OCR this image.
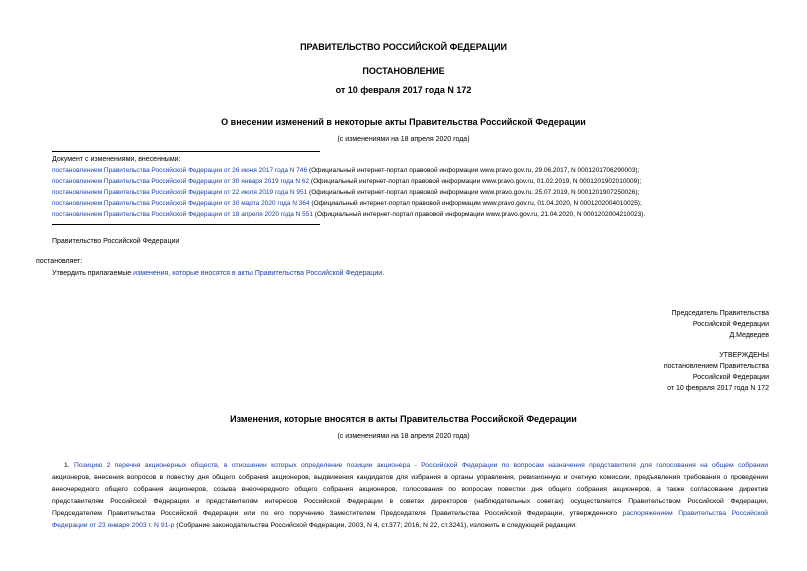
ПРАВИТЕЛЬСТВО РОССИЙСКОЙ ФЕДЕРАЦИИ
ПОСТАНОВЛЕНИЕ
от 10 февраля 2017 года N 172
О внесении изменений в некоторые акты Правительства Российской Федерации
(с изменениями на 18 апреля 2020 года)
Документ с изменениями, внесенными:
постановлением Правительства Российской Федерации от 26 июня 2017 года N 746 (Официальный интернет-портал правовой информации www.pravo.gov.ru, 29.06.2017, N 0001201706290003);
постановлением Правительства Российской Федерации от 30 января 2019 года N 62 (Официальный интернет-портал правовой информации www.pravo.gov.ru, 01.02.2019, N 0001201902010009);
постановлением Правительства Российской Федерации от 22 июля 2019 года N 951 (Официальный интернет-портал правовой информации www.pravo.gov.ru, 25.07.2019, N 0001201907250026);
постановлением Правительства Российской Федерации от 30 марта 2020 года N 364 (Официальный интернет-портал правовой информации www.pravo.gov.ru, 01.04.2020, N 0001202004010025);
постановлением Правительства Российской Федерации от 18 апреля 2020 года N 551 (Официальный интернет-портал правовой информации www.pravo.gov.ru, 21.04.2020, N 0001202004210023).
Правительство Российской Федерации
постановляет:
Утвердить прилагаемые изменения, которые вносятся в акты Правительства Российской Федерации.
Председатель Правительства
Российской Федерации
Д.Медведев
УТВЕРЖДЕНЫ
постановлением Правительства
Российской Федерации
от 10 февраля 2017 года N 172
Изменения, которые вносятся в акты Правительства Российской Федерации
(с изменениями на 18 апреля 2020 года)
1. Позицию 2 перечня акционерных обществ, в отношении которых определение позиции акционера - Российской Федерации по вопросам назначения представителя для голосования на общем собрании
акционеров, внесения вопросов в повестку дня общего собрания акционеров, выдвижения кандидатов для избрания в органы управления, ревизионную и счетную комиссии, предъявления требования о проведении
внеочередного общего собрания акционеров, созыва внеочередного общего собрания акционеров, голосования по вопросам повестки дня общего собрания акционеров, а также согласование директив
представителям Российской Федерации и представителям интересов Российской Федерации в советах директоров (наблюдательных советах) осуществляется Правительством Российской Федерации,
Председателем Правительства Российской Федерации или по его поручению Заместителем Председателя Правительства Российской Федерации, утвержденного распоряжением Правительства Российской
Федерации от 23 января 2003 г. N 91-р (Собрание законодательства Российской Федерации, 2003, N 4, ст.377; 2016, N 22, ст.3241), изложить в следующей редакции:
